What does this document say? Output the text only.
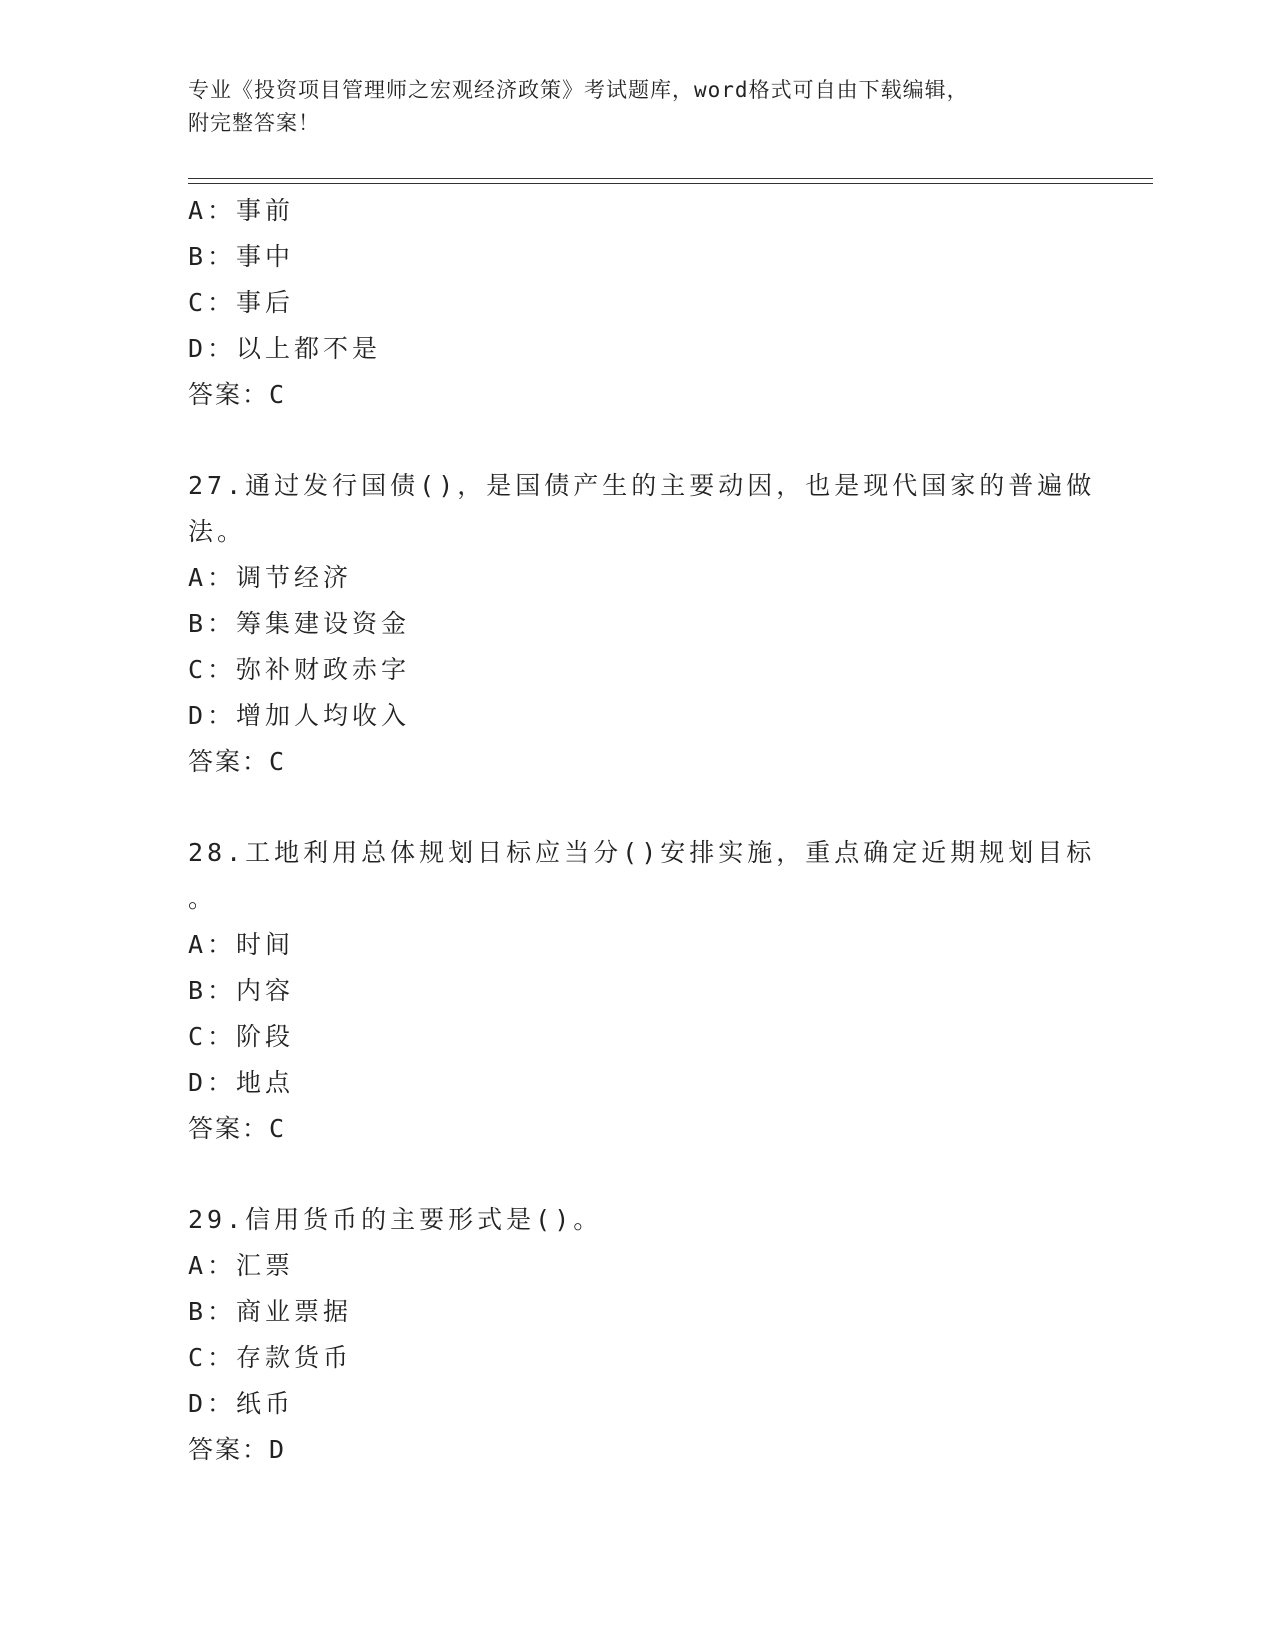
专业《投资项目管理师之宏观经济政策》考试题库，word格式可自由下载编辑，
附完整答案！
A：事前
B：事中
C：事后
D：以上都不是
答案：C
27.通过发行国债()，是国债产生的主要动因，也是现代国家的普遍做
法。
A：调节经济
B：筹集建设资金
C：弥补财政赤字
D：增加人均收入
答案：C
28.工地利用总体规划日标应当分()安排实施，重点确定近期规划目标
。
A：时间
B：内容
C：阶段
D：地点
答案：C
29.信用货币的主要形式是()。
A：汇票
B：商业票据
C：存款货币
D：纸币
答案：D
